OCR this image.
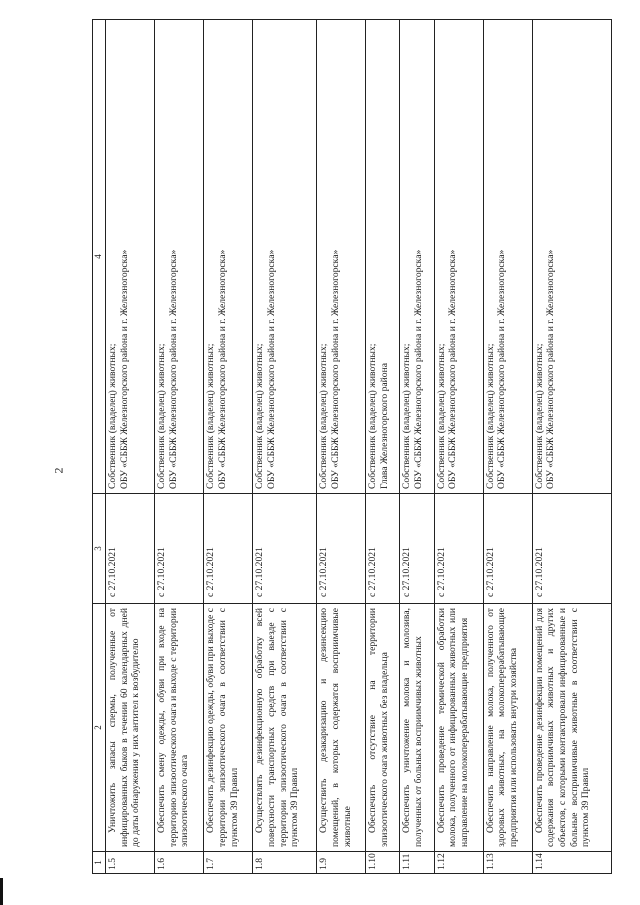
2
1	2	3	4
1.5	Уничтожить запасы спермы, полученные от инфицированных быков в течении 60 календарных дней до даты обнаружения у них антител к возбудителю	с 27.10.2021	Собственник (владелец) животных; ОБУ «СББЖ Железногорского района и г. Железногорска»

1.6	Обеспечить смену одежды, обуви при входе на территорию эпизоотического очага и выходе с территории эпизоотического очага	с 27.10.2021	Собственник (владелец) животных; ОБУ «СББЖ Железногорского района и г. Железногорска»

1.7	Обеспечить дезинфекцию одежды, обуви при выходе с территории эпизоотического очага в соответствии с пунктом 39 Правил	с 27.10.2021	Собственник (владелец) животных; ОБУ «СББЖ Железногорского района и г. Железногорска»

1.8	Осуществлять дезинфекционную обработку всей поверхности транспортных средств при выезде с территории эпизоотического очага в соответствии с пунктом 39 Правил	с 27.10.2021	Собственник (владелец) животных; ОБУ «СББЖ Железногорского района и г. Железногорска»

1.9	Осуществить дезакаризацию и дезинсекцию помещений, в которых содержатся восприимчивые животные	с 27.10.2021	Собственник (владелец) животных; ОБУ «СББЖ Железногорского района и г. Железногорска»

1.10	Обеспечить отсутствие на территории эпизоотического очага животных без владельца	с 27.10.2021	Собственник (владелец) животных; Глава Железногорского района

1.11	Обеспечить уничтожение молока и молозива, полученных от больных восприимчивых животных	с 27.10.2021	Собственник (владелец) животных; ОБУ «СББЖ Железногорского района и г. Железногорска»

1.12	Обеспечить проведение термической обработки молока, полученного от инфицированных животных или направление на молокоперерабатывающие предприятия	с 27.10.2021	Собственник (владелец) животных; ОБУ «СББЖ Железногорского района и г. Железногорска»

1.13	Обеспечить направление молока, полученного от здоровых животных, на молокоперерабатывающие предприятия или использовать внутри хозяйства	с 27.10.2021	Собственник (владелец) животных; ОБУ «СББЖ Железногорского района и г. Железногорска»

1.14	Обеспечить проведение дезинфекции помещений для содержания восприимчивых животных и других объектов, с которыми контактировали инфицированные и больные восприимчивые животные в соответствии с пунктом 39 Правил	с 27.10.2021	Собственник (владелец) животных; ОБУ «СББЖ Железногорского района и г. Железногорска»
